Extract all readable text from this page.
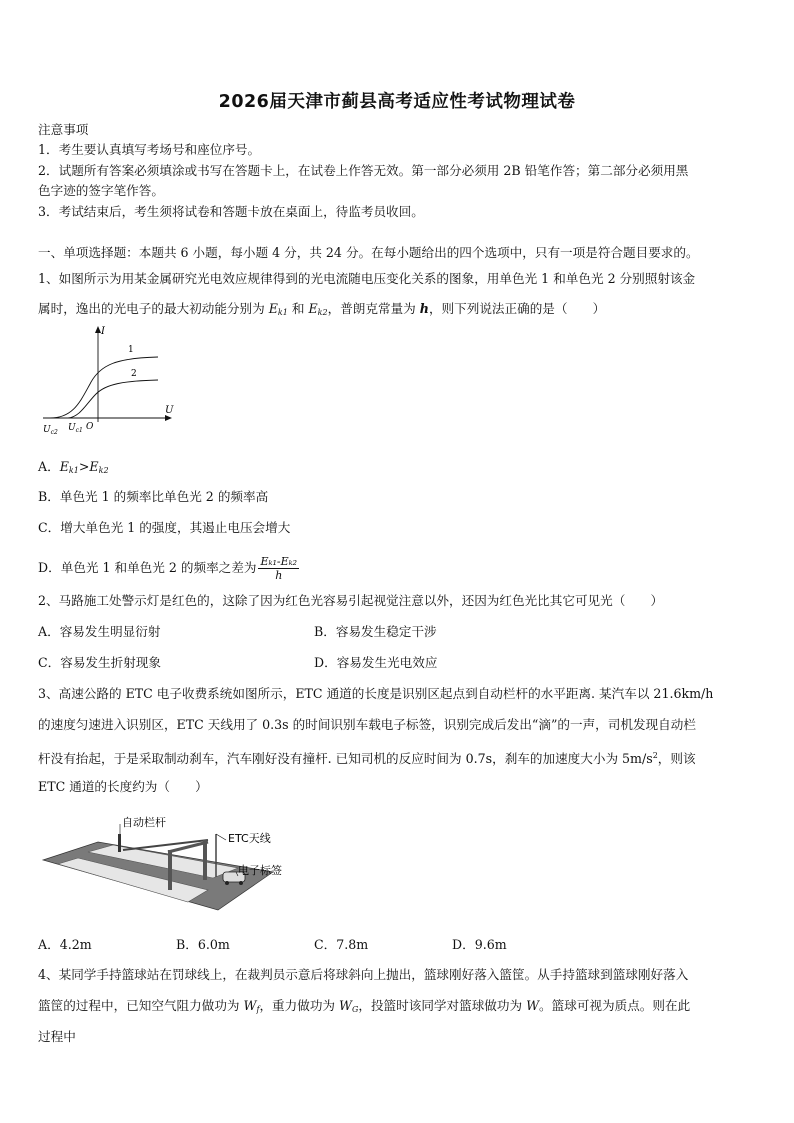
2026届天津市蓟县高考适应性考试物理试卷
注意事项
1．考生要认真填写考场号和座位序号。
2．试题所有答案必须填涂或书写在答题卡上，在试卷上作答无效。第一部分必须用 2B 铅笔作答；第二部分必须用黑
色字迹的签字笔作答。
3．考试结束后，考生须将试卷和答题卡放在桌面上，待监考员收回。
一、单项选择题：本题共 6 小题，每小题 4 分，共 24 分。在每小题给出的四个选项中，只有一项是符合题目要求的。
1、如图所示为用某金属研究光电效应规律得到的光电流随电压变化关系的图象，用单色光 1 和单色光 2 分别照射该金
属时，逸出的光电子的最大初动能分别为 $E_{k1}$ 和 $E_{k2}$，普朗克常量为 h，则下列说法正确的是（　　）
I
U
1
2
$U_{c2}$ $U_{c1}$ O
A．$E_{k1}>E_{k2}$
B．单色光 1 的频率比单色光 2 的频率高
C．增大单色光 1 的强度，其遏止电压会增大
D．单色光 1 和单色光 2 的频率之差为 $\frac{\text{Eₖ₁-Eₖ₂}}{h}$
2、马路施工处警示灯是红色的，这除了因为红色光容易引起视觉注意以外，还因为红色光比其它可见光（　　）
A．容易发生明显衍射	B．容易发生稳定干涉
C．容易发生折射现象	D．容易发生光电效应
3、高速公路的 ETC 电子收费系统如图所示，ETC 通道的长度是识别区起点到自动栏杆的水平距离. 某汽车以 21.6km/h
的速度匀速进入识别区，ETC 天线用了 0.3s 的时间识别车载电子标签，识别完成后发出“滴”的一声，司机发现自动栏
杆没有抬起，于是采取制动刹车，汽车刚好没有撞杆. 已知司机的反应时间为 0.7s，刹车的加速度大小为 $5m/s^2$，则该
ETC 通道的长度约为（　　）
自动栏杆
ETC天线
电子标签
A．4.2m	B．6.0m	C．7.8m	D．9.6m
4、某同学手持篮球站在罚球线上，在裁判员示意后将球斜向上抛出，篮球刚好落入篮筐。从手持篮球到篮球刚好落入
篮筐的过程中，已知空气阻力做功为 $W_f$，重力做功为 $W_G$，投篮时该同学对篮球做功为 W。篮球可视为质点。则在此
过程中
